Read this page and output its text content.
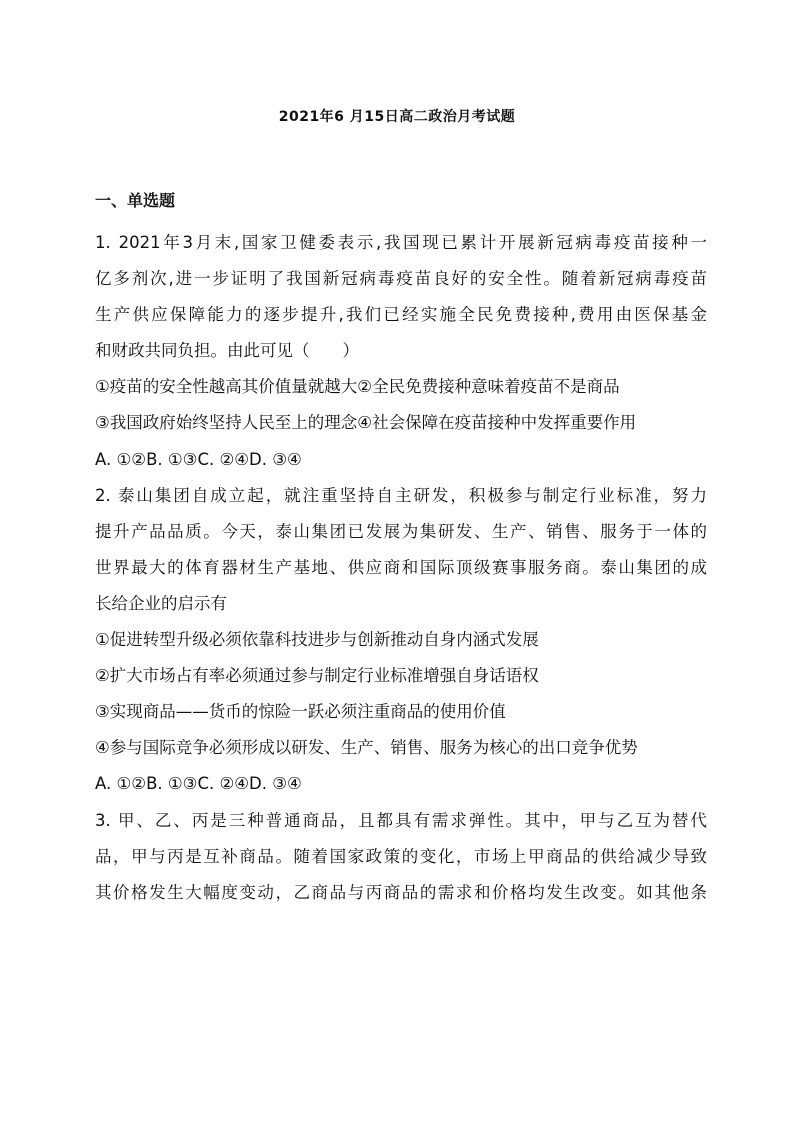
2021年6 月15日高二政治月考试题
一、单选题
1. 2021年3月末,国家卫健委表示,我国现已累计开展新冠病毒疫苗接种一
亿多剂次,进一步证明了我国新冠病毒疫苗良好的安全性。随着新冠病毒疫苗
生产供应保障能力的逐步提升,我们已经实施全民免费接种,费用由医保基金
和财政共同负担。由此可见（　　）
①疫苗的安全性越高其价值量就越大②全民免费接种意味着疫苗不是商品
③我国政府始终坚持人民至上的理念④社会保障在疫苗接种中发挥重要作用
A. ①②B. ①③C. ②④D. ③④
2. 泰山集团自成立起，就注重坚持自主研发，积极参与制定行业标准，努力
提升产品品质。今天，泰山集团已发展为集研发、生产、销售、服务于一体的
世界最大的体育器材生产基地、供应商和国际顶级赛事服务商。泰山集团的成
长给企业的启示有
①促进转型升级必须依靠科技进步与创新推动自身内涵式发展
②扩大市场占有率必须通过参与制定行业标准增强自身话语权
③实现商品——货币的惊险一跃必须注重商品的使用价值
④参与国际竞争必须形成以研发、生产、销售、服务为核心的出口竞争优势
A. ①②B. ①③C. ②④D. ③④
3. 甲、乙、丙是三种普通商品，且都具有需求弹性。其中，甲与乙互为替代
品，甲与丙是互补商品。随着国家政策的变化，市场上甲商品的供给减少导致
其价格发生大幅度变动，乙商品与丙商品的需求和价格均发生改变。如其他条
